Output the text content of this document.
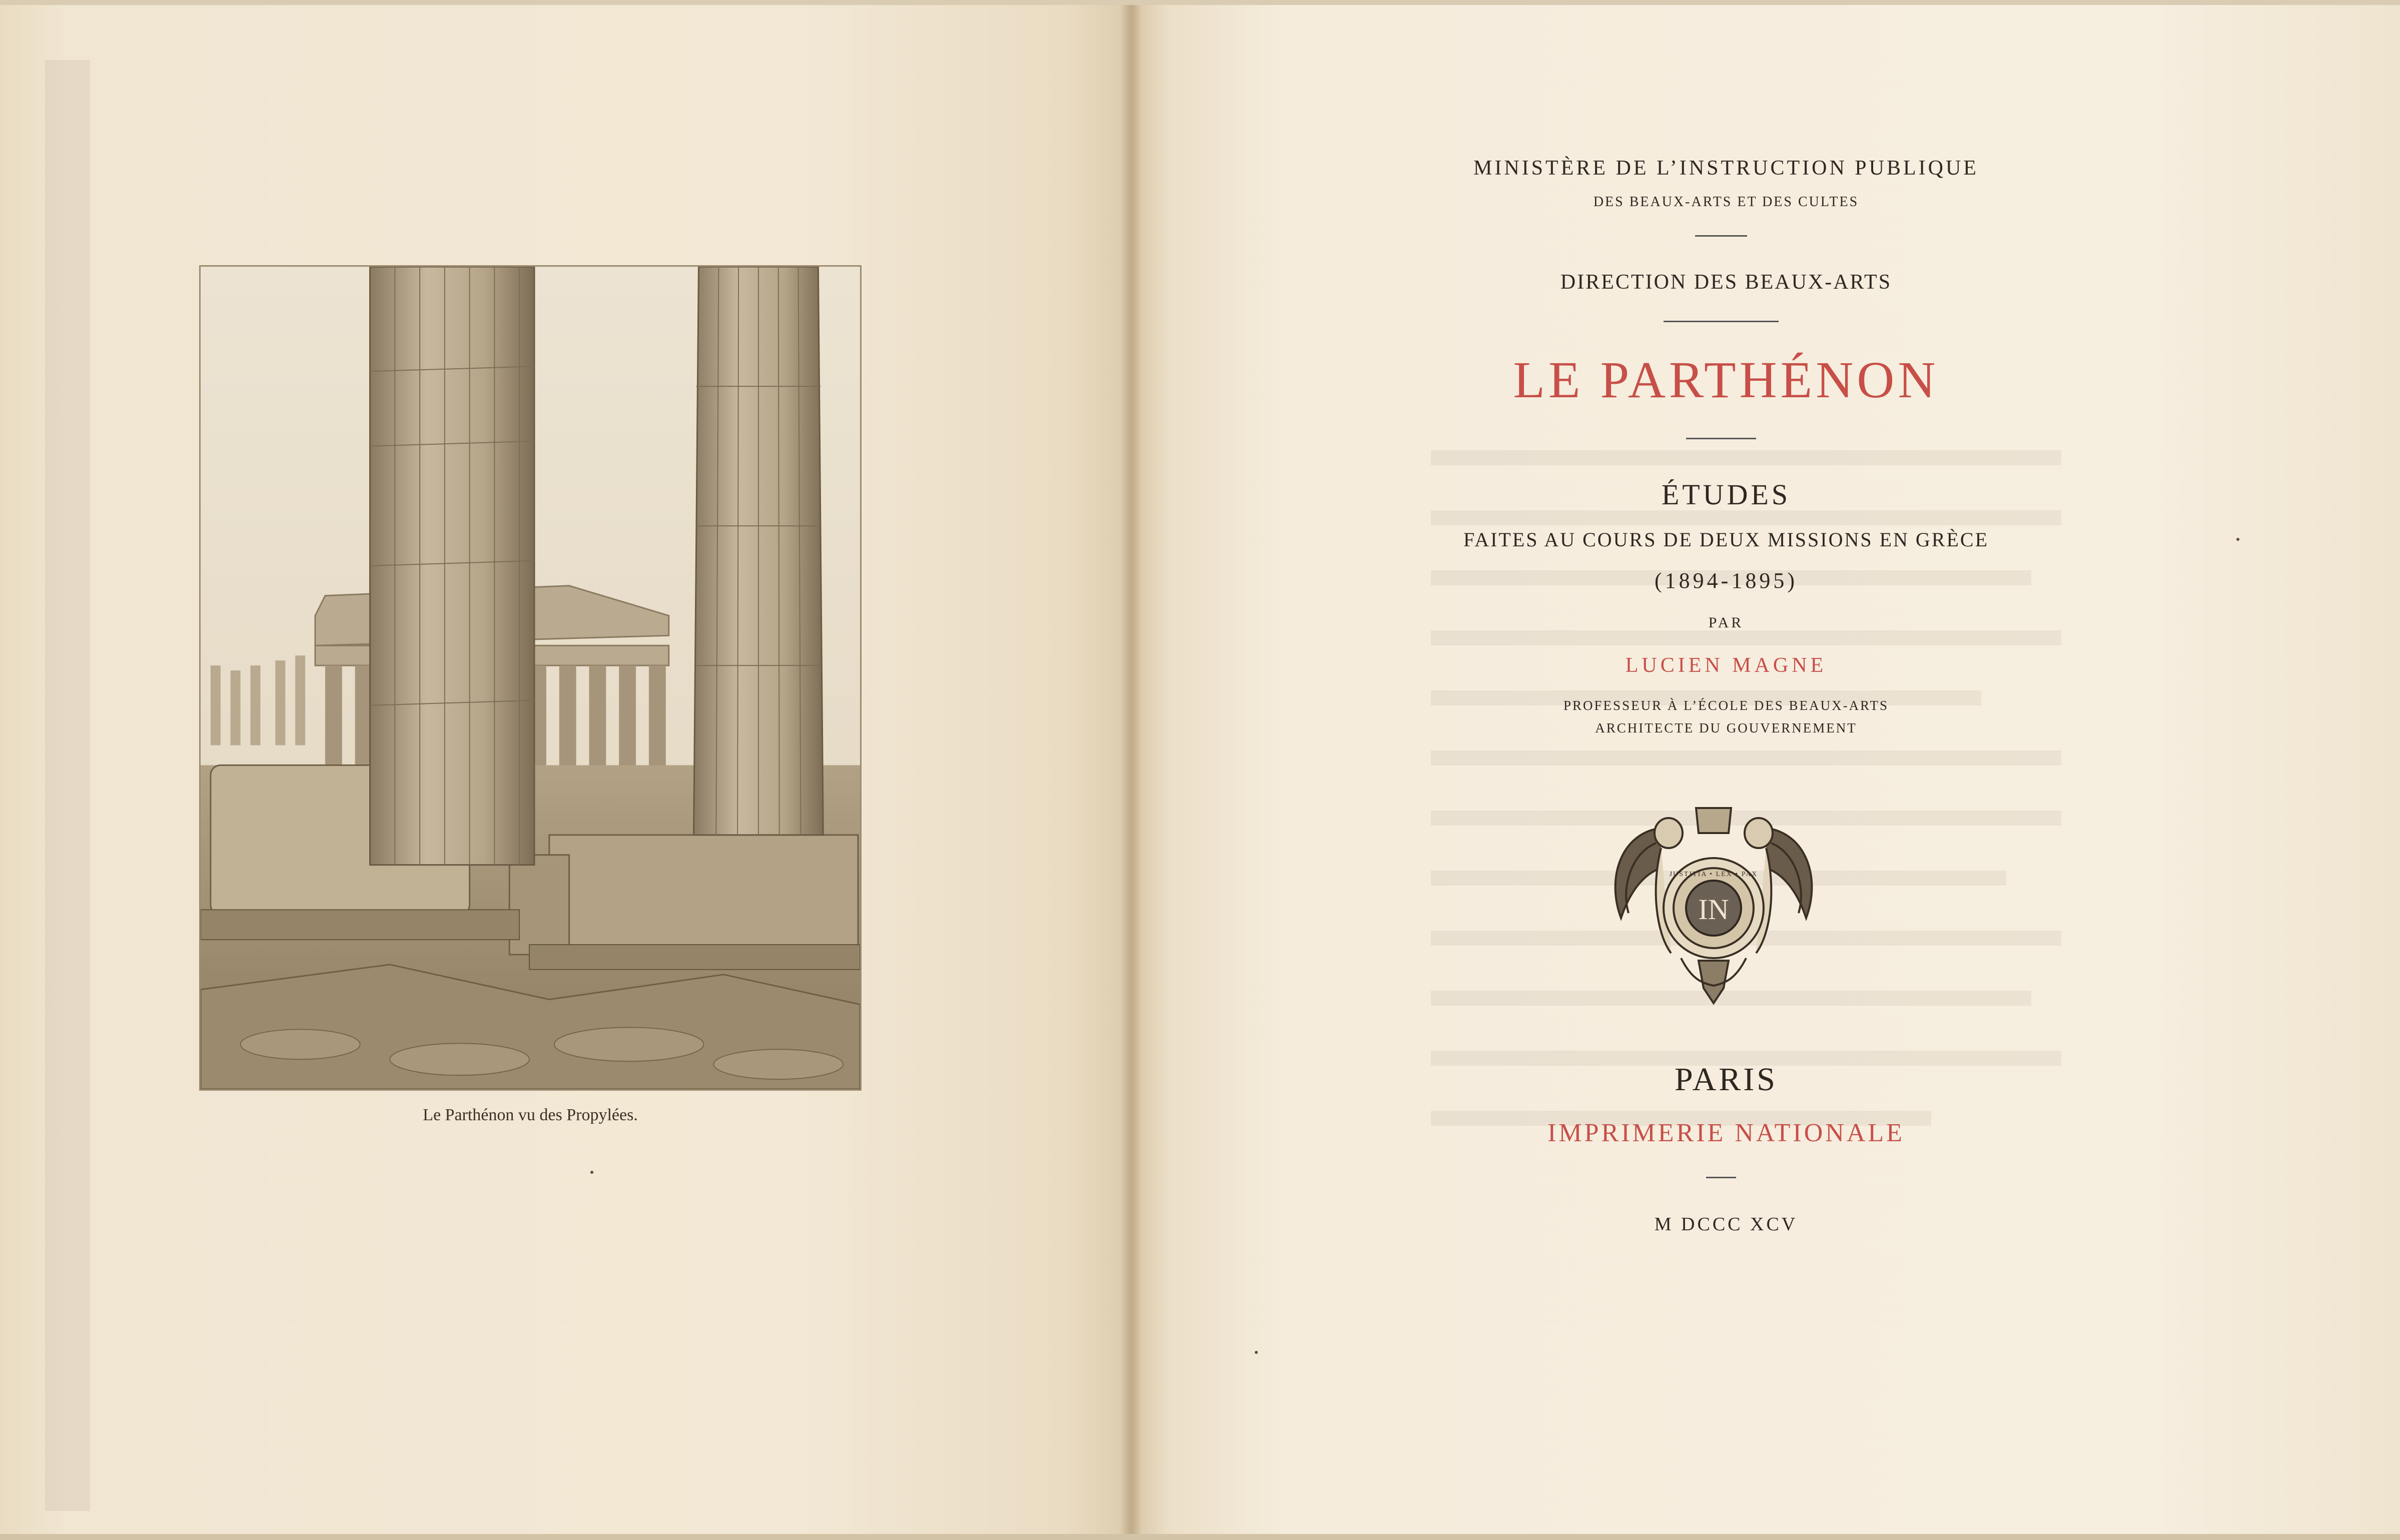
Le Parthénon vu des Propylées.
MINISTÈRE DE L’INSTRUCTION PUBLIQUE
DES BEAUX-ARTS ET DES CULTES
DIRECTION DES BEAUX-ARTS
LE PARTHÉNON
ÉTUDES
FAITES AU COURS DE DEUX MISSIONS EN GRÈCE
(1894-1895)
PAR
LUCIEN MAGNE
PROFESSEUR À L’ÉCOLE DES BEAUX-ARTS
ARCHITECTE DU GOUVERNEMENT
IN
JUSTITIA • LEX • PAX
PARIS
IMPRIMERIE NATIONALE
M DCCC XCV
